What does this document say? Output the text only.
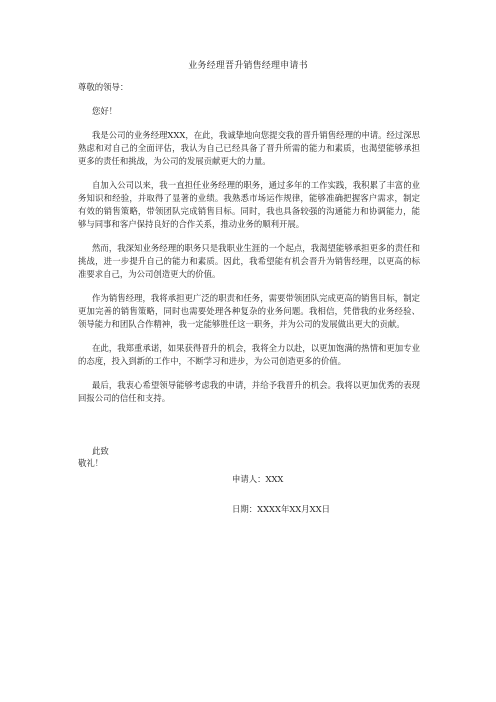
业务经理晋升销售经理申请书
尊敬的领导：
您好！

我是公司的业务经理XXX，在此，我诚挚地向您提交我的晋升销售经理的申请。经过深思熟虑和对自己的全面评估，我认为自己已经具备了晋升所需的能力和素质，也渴望能够承担更多的责任和挑战，为公司的发展贡献更大的力量。

自加入公司以来，我一直担任业务经理的职务，通过多年的工作实践，我积累了丰富的业务知识和经验，并取得了显著的业绩。我熟悉市场运作规律，能够准确把握客户需求，制定有效的销售策略，带领团队完成销售目标。同时，我也具备较强的沟通能力和协调能力，能够与同事和客户保持良好的合作关系，推动业务的顺利开展。

然而，我深知业务经理的职务只是我职业生涯的一个起点，我渴望能够承担更多的责任和挑战，进一步提升自己的能力和素质。因此，我希望能有机会晋升为销售经理，以更高的标准要求自己，为公司创造更大的价值。

作为销售经理，我将承担更广泛的职责和任务，需要带领团队完成更高的销售目标，制定更加完善的销售策略，同时也需要处理各种复杂的业务问题。我相信，凭借我的业务经验、领导能力和团队合作精神，我一定能够胜任这一职务，并为公司的发展做出更大的贡献。

在此，我郑重承诺，如果获得晋升的机会，我将全力以赴，以更加饱满的热情和更加专业的态度，投入到新的工作中，不断学习和进步，为公司创造更多的价值。

最后，我衷心希望领导能够考虑我的申请，并给予我晋升的机会。我将以更加优秀的表现回报公司的信任和支持。

此致
敬礼！
申请人：XXX
日期：XXXX年XX月XX日
